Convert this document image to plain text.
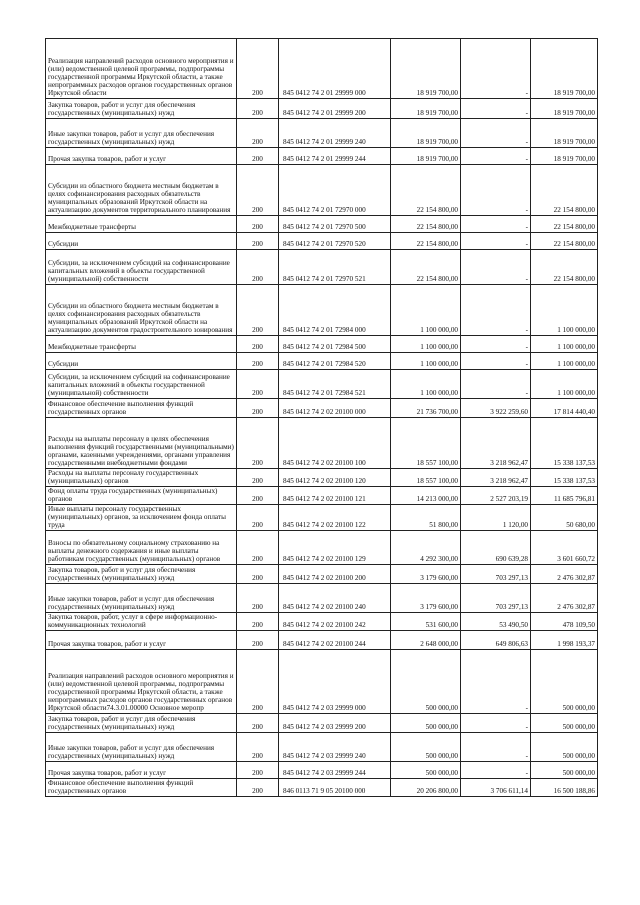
Реализация направлений расходов основного мероприятия и (или) ведомственной целевой программы, подпрограммы государственной программы Иркутской области, а также непрограммных расходов органов государственных органов Иркутской области	200	845 0412 74 2 01 29999 000	18 919 700,00	-	18 919 700,00
Закупка товаров, работ и услуг для обеспечения государственных (муниципальных) нужд	200	845 0412 74 2 01 29999 200	18 919 700,00	-	18 919 700,00
Иные закупки товаров, работ и услуг для обеспечения государственных (муниципальных) нужд	200	845 0412 74 2 01 29999 240	18 919 700,00	-	18 919 700,00
Прочая закупка товаров, работ и услуг	200	845 0412 74 2 01 29999 244	18 919 700,00	-	18 919 700,00
Субсидии из областного бюджета местным бюджетам в целях софинансирования расходных обязательств муниципальных образований Иркутской области на актуализацию документов территориального планирования	200	845 0412 74 2 01 72970 000	22 154 800,00	-	22 154 800,00
Межбюджетные трансферты	200	845 0412 74 2 01 72970 500	22 154 800,00	-	22 154 800,00
Субсидии	200	845 0412 74 2 01 72970 520	22 154 800,00	-	22 154 800,00
Субсидии, за исключением субсидий на софинансирование капитальных вложений в объекты государственной (муниципальной) собственности	200	845 0412 74 2 01 72970 521	22 154 800,00	-	22 154 800,00
Субсидии из областного бюджета местным бюджетам в целях софинансирования расходных обязательств муниципальных образований Иркутской области на актуализацию документов градостроительного зонирования	200	845 0412 74 2 01 72984 000	1 100 000,00	-	1 100 000,00
Межбюджетные трансферты	200	845 0412 74 2 01 72984 500	1 100 000,00	-	1 100 000,00
Субсидии	200	845 0412 74 2 01 72984 520	1 100 000,00	-	1 100 000,00
Субсидии, за исключением субсидий на софинансирование капитальных вложений в объекты государственной (муниципальной) собственности	200	845 0412 74 2 01 72984 521	1 100 000,00	-	1 100 000,00
Финансовое обеспечение выполнения функций государственных органов	200	845 0412 74 2 02 20100 000	21 736 700,00	3 922 259,60	17 814 440,40
Расходы на выплаты персоналу в целях обеспечения выполнения функций государственными (муниципальными) органами, казенными учреждениями, органами управления государственными внебюджетными фондами	200	845 0412 74 2 02 20100 100	18 557 100,00	3 218 962,47	15 338 137,53
Расходы на выплаты персоналу государственных (муниципальных) органов	200	845 0412 74 2 02 20100 120	18 557 100,00	3 218 962,47	15 338 137,53
Фонд оплаты труда государственных (муниципальных) органов	200	845 0412 74 2 02 20100 121	14 213 000,00	2 527 203,19	11 685 796,81
Иные выплаты персоналу государственных (муниципальных) органов, за исключением фонда оплаты труда	200	845 0412 74 2 02 20100 122	51 800,00	1 120,00	50 680,00
Взносы по обязательному социальному страхованию на выплаты денежного содержания и иные выплаты работникам государственных (муниципальных) органов	200	845 0412 74 2 02 20100 129	4 292 300,00	690 639,28	3 601 660,72
Закупка товаров, работ и услуг для обеспечения государственных (муниципальных) нужд	200	845 0412 74 2 02 20100 200	3 179 600,00	703 297,13	2 476 302,87
Иные закупки товаров, работ и услуг для обеспечения государственных (муниципальных) нужд	200	845 0412 74 2 02 20100 240	3 179 600,00	703 297,13	2 476 302,87
Закупка товаров, работ, услуг в сфере информационно-коммуникационных технологий	200	845 0412 74 2 02 20100 242	531 600,00	53 490,50	478 109,50
Прочая закупка товаров, работ и услуг	200	845 0412 74 2 02 20100 244	2 648 000,00	649 806,63	1 998 193,37
Реализация направлений расходов основного мероприятия и (или) ведомственной целевой программы, подпрограммы государственной программы Иркутской области, а также непрограммных расходов органов государственных органов Иркутской области74.3.01.00000 Основное меропр	200	845 0412 74 2 03 29999 000	500 000,00	-	500 000,00
Закупка товаров, работ и услуг для обеспечения государственных (муниципальных) нужд	200	845 0412 74 2 03 29999 200	500 000,00	-	500 000,00
Иные закупки товаров, работ и услуг для обеспечения государственных (муниципальных) нужд	200	845 0412 74 2 03 29999 240	500 000,00	-	500 000,00
Прочая закупка товаров, работ и услуг	200	845 0412 74 2 03 29999 244	500 000,00	-	500 000,00
Финансовое обеспечение выполнения функций государственных органов	200	846 0113 71 9 05 20100 000	20 206 800,00	3 706 611,14	16 500 188,86
